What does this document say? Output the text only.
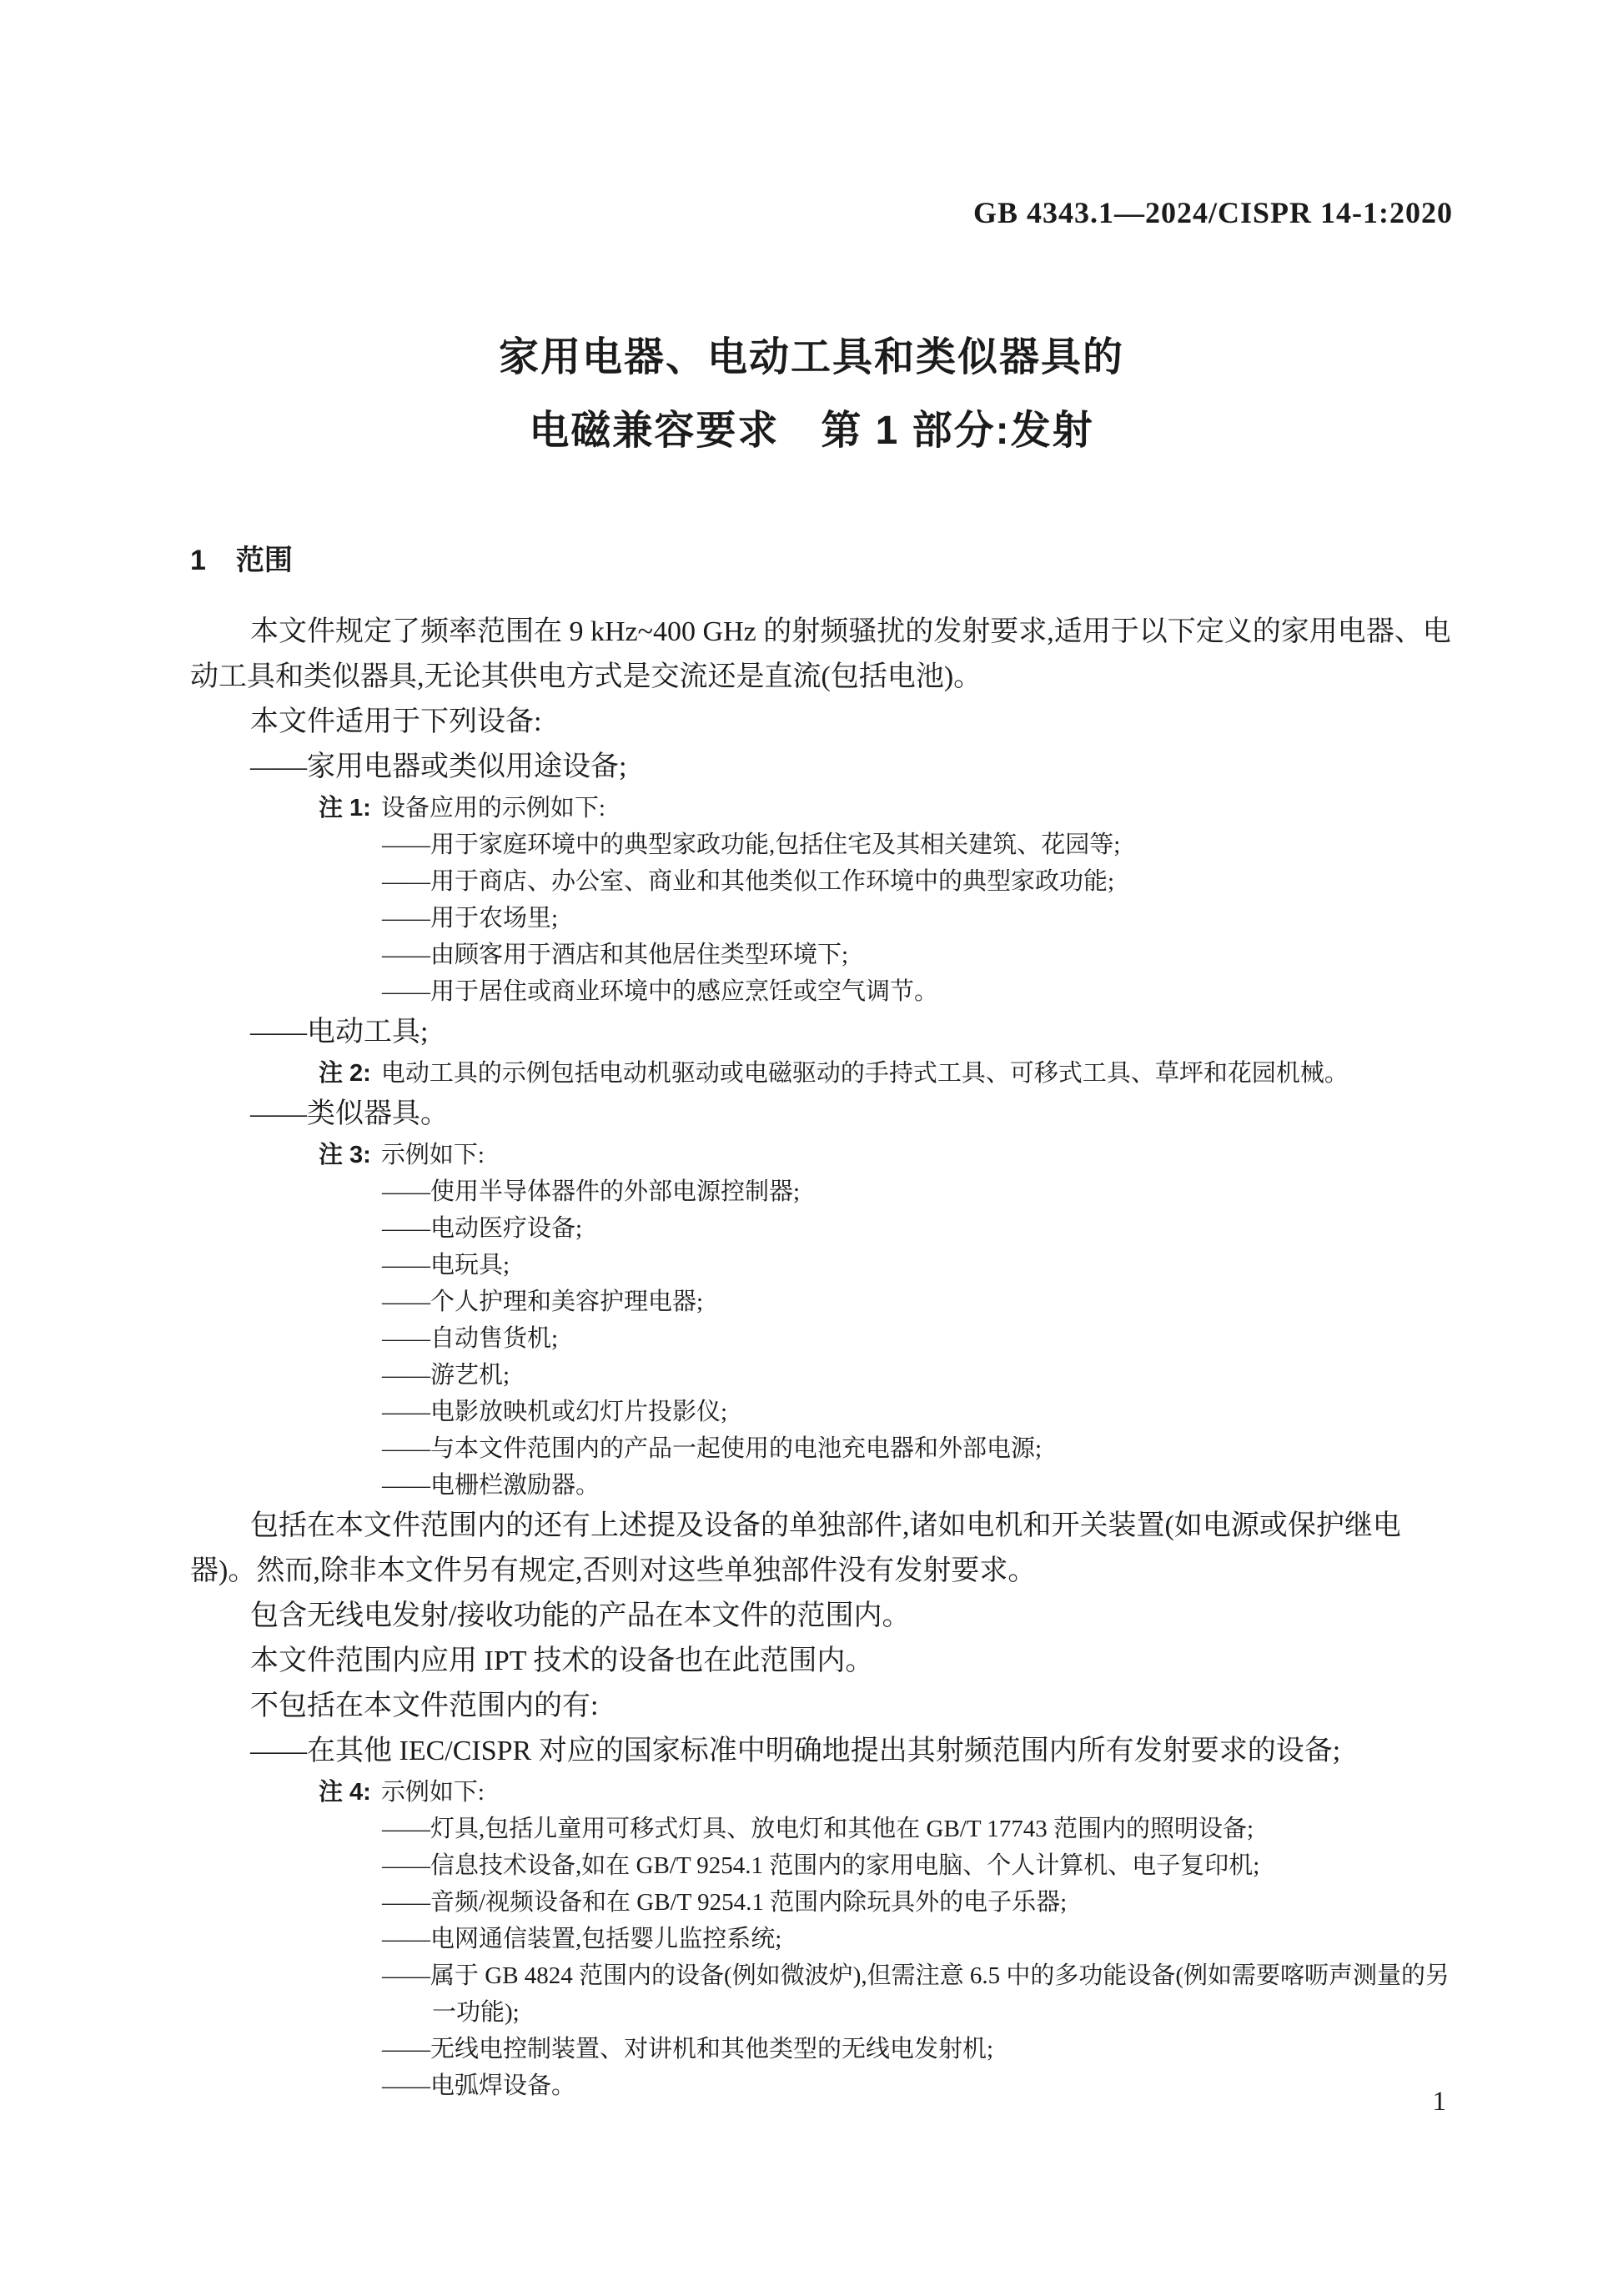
GB 4343.1—2024/CISPR 14-1:2020
家用电器、电动工具和类似器具的
电磁兼容要求　第 1 部分:发射
1 范围

本文件规定了频率范围在 9 kHz~400 GHz 的射频骚扰的发射要求,适用于以下定义的家用电器、电动工具和类似器具,无论其供电方式是交流还是直流(包括电池)。

本文件适用于下列设备:

——家用电器或类似用途设备;

注 1: 设备应用的示例如下:

——用于家庭环境中的典型家政功能,包括住宅及其相关建筑、花园等;

——用于商店、办公室、商业和其他类似工作环境中的典型家政功能;

——用于农场里;

——由顾客用于酒店和其他居住类型环境下;

——用于居住或商业环境中的感应烹饪或空气调节。

——电动工具;

注 2: 电动工具的示例包括电动机驱动或电磁驱动的手持式工具、可移式工具、草坪和花园机械。

——类似器具。

注 3: 示例如下:

——使用半导体器件的外部电源控制器;

——电动医疗设备;

——电玩具;

——个人护理和美容护理电器;

——自动售货机;

——游艺机;

——电影放映机或幻灯片投影仪;

——与本文件范围内的产品一起使用的电池充电器和外部电源;

——电栅栏激励器。

包括在本文件范围内的还有上述提及设备的单独部件,诸如电机和开关装置(如电源或保护继电器)。然而,除非本文件另有规定,否则对这些单独部件没有发射要求。

包含无线电发射/接收功能的产品在本文件的范围内。

本文件范围内应用 IPT 技术的设备也在此范围内。

不包括在本文件范围内的有:

——在其他 IEC/CISPR 对应的国家标准中明确地提出其射频范围内所有发射要求的设备;

注 4: 示例如下:

——灯具,包括儿童用可移式灯具、放电灯和其他在 GB/T 17743 范围内的照明设备;

——信息技术设备,如在 GB/T 9254.1 范围内的家用电脑、个人计算机、电子复印机;

——音频/视频设备和在 GB/T 9254.1 范围内除玩具外的电子乐器;

——电网通信装置,包括婴儿监控系统;

——属于 GB 4824 范围内的设备(例如微波炉),但需注意 6.5 中的多功能设备(例如需要喀呖声测量的另一功能);

——无线电控制装置、对讲机和其他类型的无线电发射机;

——电弧焊设备。

1
